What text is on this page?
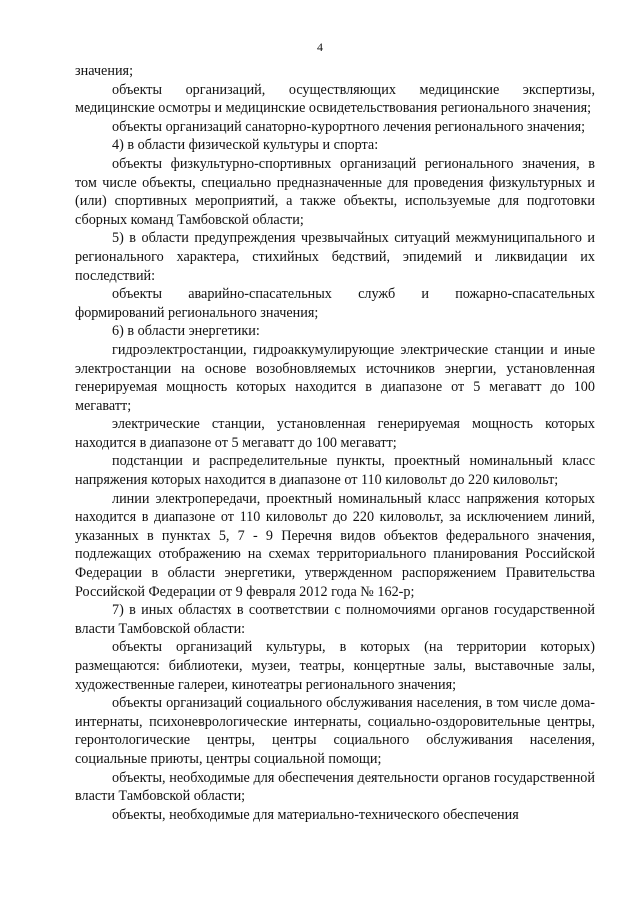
4

значения;

объекты организаций, осуществляющих медицинские экспертизы, медицинские осмотры и медицинские освидетельствования регионального значения;

объекты организаций санаторно-курортного лечения регионального значения;

4) в области физической культуры и спорта:

объекты физкультурно-спортивных организаций регионального значения, в том числе объекты, специально предназначенные для проведения физкультурных и (или) спортивных мероприятий, а также объекты, используемые для подготовки сборных команд Тамбовской области;

5) в области предупреждения чрезвычайных ситуаций межмуниципального и регионального характера, стихийных бедствий, эпидемий и ликвидации их последствий:

объекты аварийно-спасательных служб и пожарно-спасательных формирований регионального значения;

6) в области энергетики:

гидроэлектростанции, гидроаккумулирующие электрические станции и иные электростанции на основе возобновляемых источников энергии, установленная генерируемая мощность которых находится в диапазоне от 5 мегаватт до 100 мегаватт;

электрические станции, установленная генерируемая мощность которых находится в диапазоне от 5 мегаватт до 100 мегаватт;

подстанции и распределительные пункты, проектный номинальный класс напряжения которых находится в диапазоне от 110 киловольт до 220 киловольт;

линии электропередачи, проектный номинальный класс напряжения которых находится в диапазоне от 110 киловольт до 220 киловольт, за исключением линий, указанных в пунктах 5, 7 - 9 Перечня видов объектов федерального значения, подлежащих отображению на схемах территориального планирования Российской Федерации в области энергетики, утвержденном распоряжением Правительства Российской Федерации от 9 февраля 2012 года № 162-р;

7) в иных областях в соответствии с полномочиями органов государственной власти Тамбовской области:

объекты организаций культуры, в которых (на территории которых) размещаются: библиотеки, музеи, театры, концертные залы, выставочные залы, художественные галереи, кинотеатры регионального значения;

объекты организаций социального обслуживания населения, в том числе дома-интернаты, психоневрологические интернаты, социально-оздоровительные центры, геронтологические центры, центры социального обслуживания населения, социальные приюты, центры социальной помощи;

объекты, необходимые для обеспечения деятельности органов государственной власти Тамбовской области;

объекты, необходимые для материально-технического обеспечения
